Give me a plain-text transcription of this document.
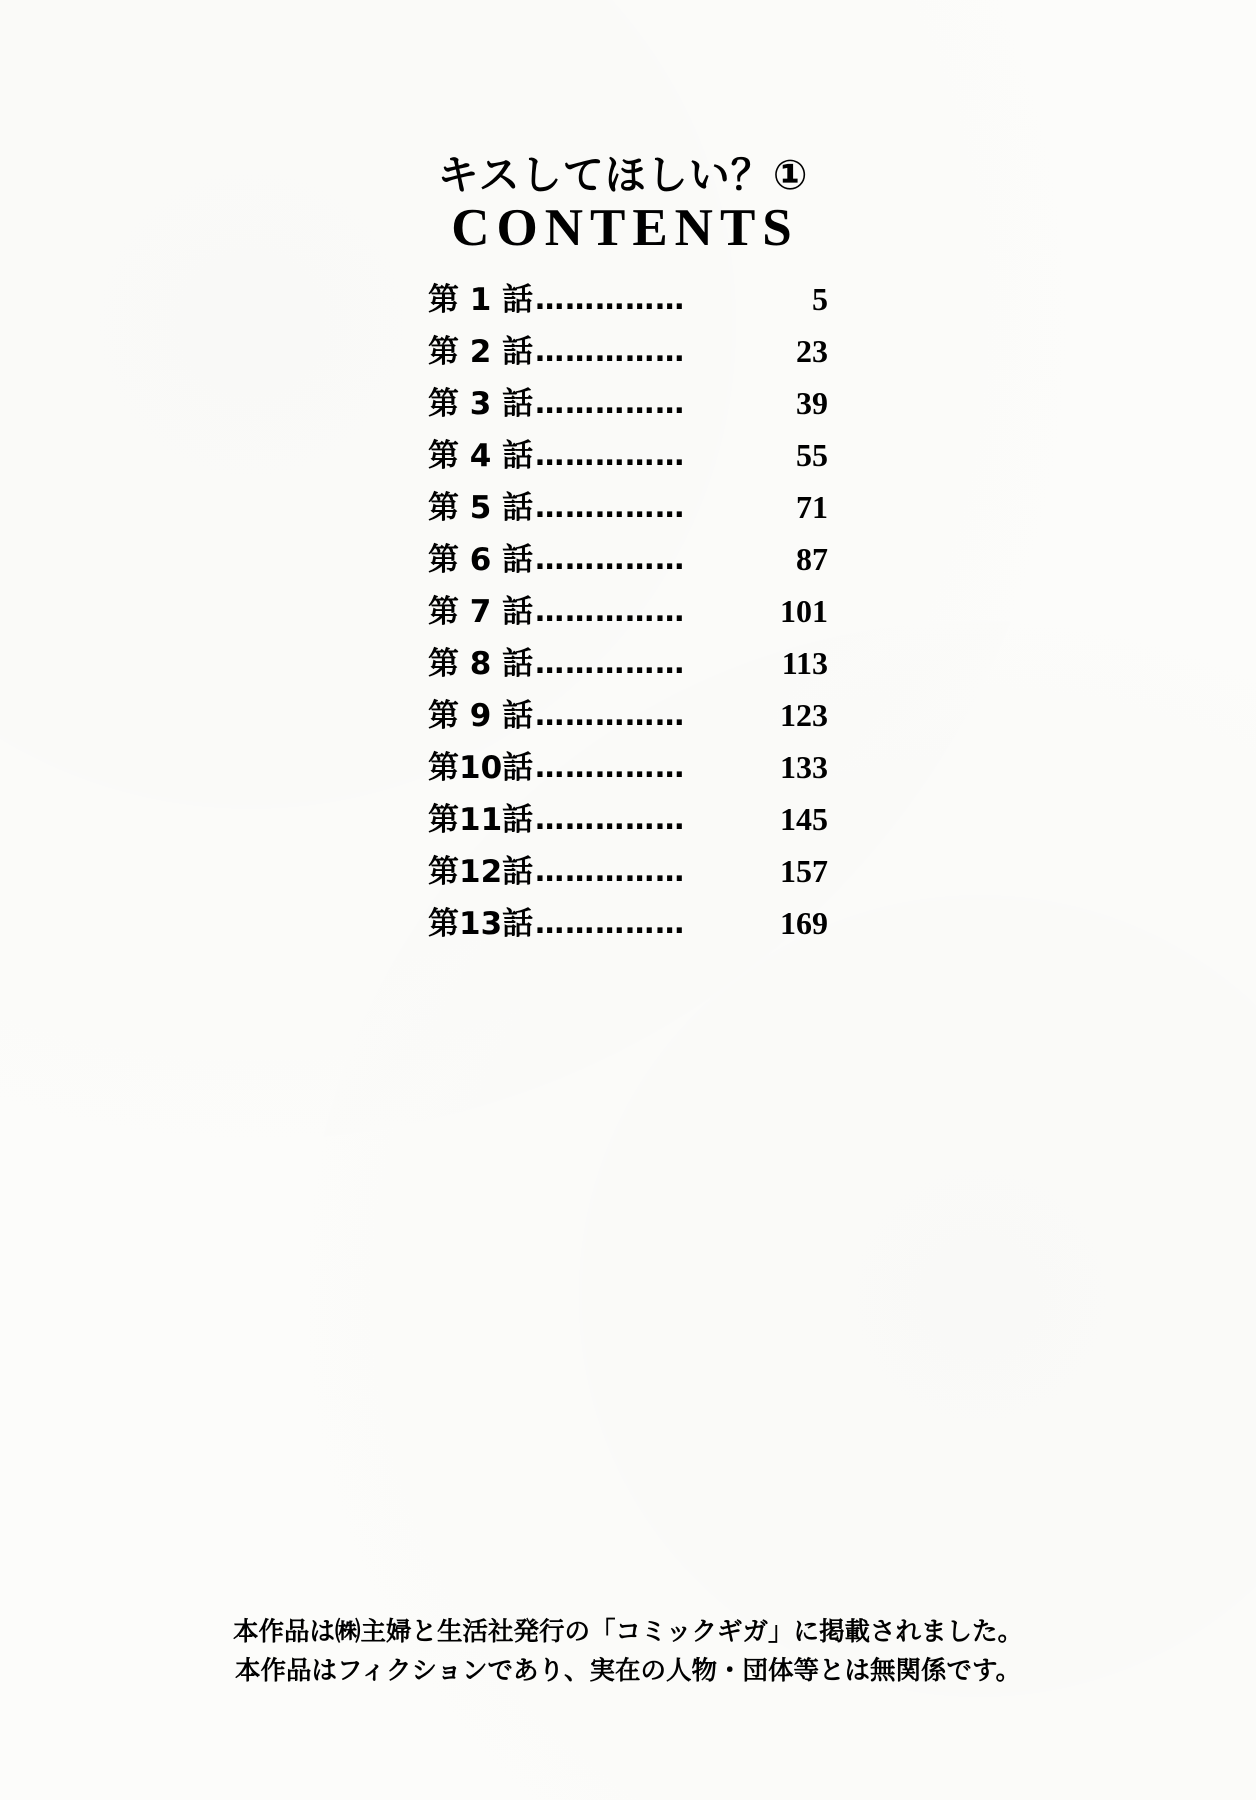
キスしてほしい？①
CONTENTS
第 1 話 ……………	5
第 2 話 ……………	23
第 3 話 ……………	39
第 4 話 ……………	55
第 5 話 ……………	71
第 6 話 ……………	87
第 7 話 ……………	101
第 8 話 ……………	113
第 9 話 ……………	123
第10話 ……………	133
第11話 ……………	145
第12話 ……………	157
第13話 ……………	169
本作品は㈱主婦と生活社発行の「コミックギガ」に掲載されました。
本作品はフィクションであり、実在の人物・団体等とは無関係です。
